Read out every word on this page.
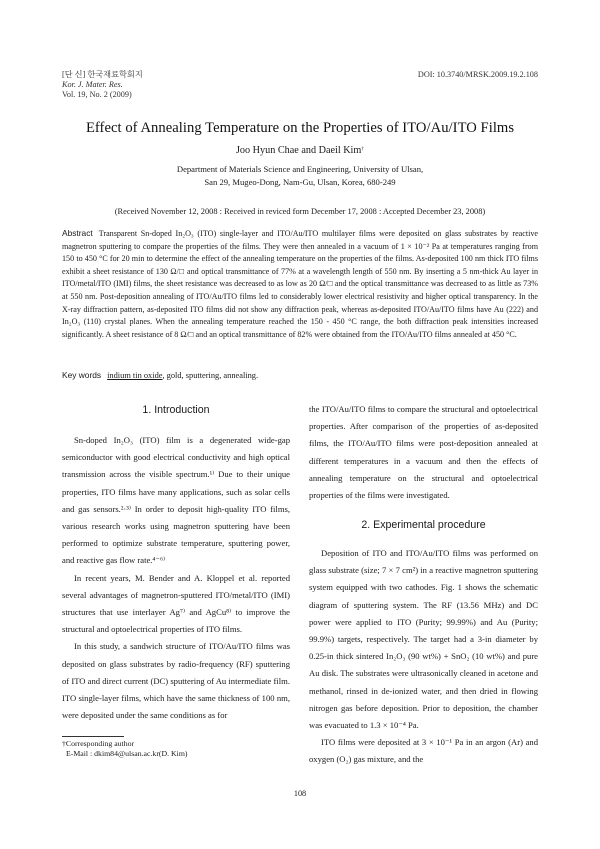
[단 신] 한국재료학회지
Kor. J. Mater. Res.
Vol. 19, No. 2 (2009)
DOI: 10.3740/MRSK.2009.19.2.108
Effect of Annealing Temperature on the Properties of ITO/Au/ITO Films
Joo Hyun Chae and Daeil Kim†
Department of Materials Science and Engineering, University of Ulsan,
San 29, Mugeo-Dong, Nam-Gu, Ulsan, Korea, 680-249
(Received November 12, 2008 : Received in reviced form December 17, 2008 : Accepted December 23, 2008)
Abstract Transparent Sn-doped In₂O₃ (ITO) single-layer and ITO/Au/ITO multilayer films were deposited on glass substrates by reactive magnetron sputtering to compare the properties of the films. They were then annealed in a vacuum of 1 × 10⁻² Pa at temperatures ranging from 150 to 450 °C for 20 min to determine the effect of the annealing temperature on the properties of the films. As-deposited 100 nm thick ITO films exhibit a sheet resistance of 130 Ω/□ and optical transmittance of 77% at a wavelength length of 550 nm. By inserting a 5 nm-thick Au layer in ITO/metal/ITO (IMI) films, the sheet resistance was decreased to as low as 20 Ω/□ and the optical transmittance was decreased to as little as 73% at 550 nm. Post-deposition annealing of ITO/Au/ITO films led to considerably lower electrical resistivity and higher optical transparency. In the X-ray diffraction pattern, as-deposited ITO films did not show any diffraction peak, whereas as-deposited ITO/Au/ITO films have Au (222) and In₂O₃ (110) crystal planes. When the annealing temperature reached the 150 - 450 °C range, the both diffraction peak intensities increased significantly. A sheet resistance of 8 Ω/□ and an optical transmittance of 82% were obtained from the ITO/Au/ITO films annealed at 450 °C.
Key words indium tin oxide, gold, sputtering, annealing.
1. Introduction

Sn-doped In₂O₃ (ITO) film is a degenerated wide-gap semiconductor with good electrical conductivity and high optical transmission across the visible spectrum.¹⁾ Due to their unique properties, ITO films have many applications, such as solar cells and gas sensors.²·³⁾ In order to deposit high-quality ITO films, various research works using magnetron sputtering have been performed to optimize substrate temperature, sputtering power, and reactive gas flow rate.⁴⁻⁶⁾

In recent years, M. Bender and A. Kloppel et al. reported several advantages of magnetron-sputtered ITO/metal/ITO (IMI) structures that use interlayer Ag⁷⁾ and AgCu⁸⁾ to improve the structural and optoelectrical properties of ITO films.

In this study, a sandwich structure of ITO/Au/ITO films was deposited on glass substrates by radio-frequency (RF) sputtering of ITO and direct current (DC) sputtering of Au intermediate film. ITO single-layer films, which have the same thickness of 100 nm, were deposited under the same conditions as for

the ITO/Au/ITO films to compare the structural and optoelectrical properties. After comparison of the properties of as-deposited films, the ITO/Au/ITO films were post-deposition annealed at different temperatures in a vacuum and then the effects of annealing temperature on the structural and optoelectrical properties of the films were investigated.

2. Experimental procedure

Deposition of ITO and ITO/Au/ITO films was performed on glass substrate (size; 7 × 7 cm²) in a reactive magnetron sputtering system equipped with two cathodes. Fig. 1 shows the schematic diagram of sputtering system. The RF (13.56 MHz) and DC power were applied to ITO (Purity; 99.99%) and Au (Purity; 99.9%) targets, respectively. The target had a 3-in diameter by 0.25-in thick sintered In₂O₃ (90 wt%) + SnO₂ (10 wt%) and pure Au disk. The substrates were ultrasonically cleaned in acetone and methanol, rinsed in de-ionized water, and then dried in flowing nitrogen gas before deposition. Prior to deposition, the chamber was evacuated to 1.3 × 10⁻⁴ Pa.

ITO films were deposited at 3 × 10⁻¹ Pa in an argon (Ar) and oxygen (O₂) gas mixture, and the

†Corresponding author
E-Mail : dkim84@ulsan.ac.kr(D. Kim)
108
